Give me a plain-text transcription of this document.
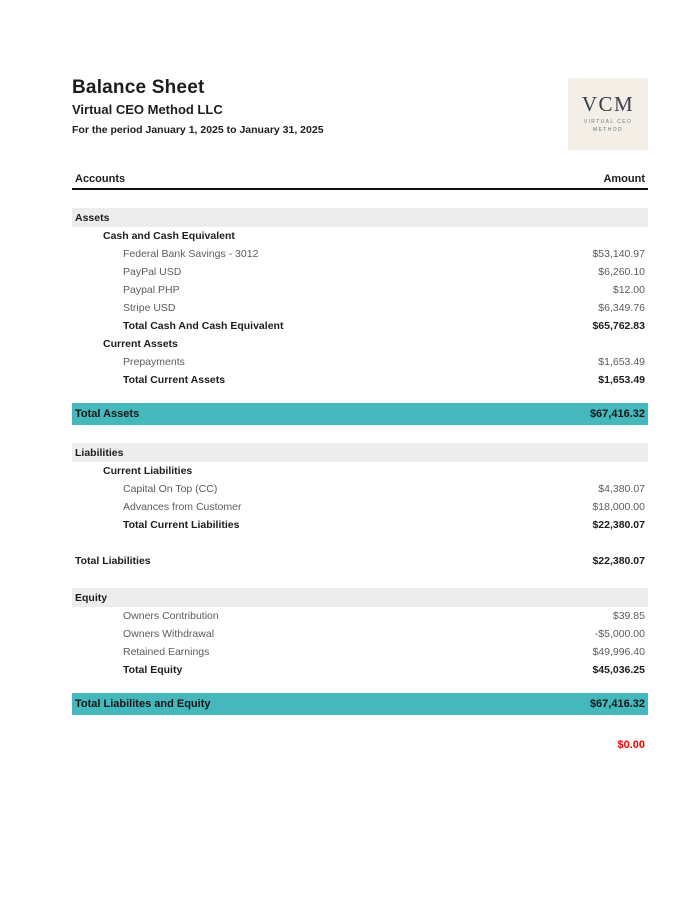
Balance Sheet
Virtual CEO Method LLC
For the period January 1, 2025 to January 31, 2025
VCM
VIRTUAL CEO
METHOD
Accounts	Amount
Assets
Cash and Cash Equivalent
Federal Bank Savings - 3012	$53,140.97
PayPal USD	$6,260.10
Paypal PHP	$12.00
Stripe USD	$6,349.76
Total Cash And Cash Equivalent	$65,762.83
Current Assets
Prepayments	$1,653.49
Total Current Assets	$1,653.49
Total Assets	$67,416.32
Liabilities
Current Liabilities
Capital On Top (CC)	$4,380.07
Advances from Customer	$18,000.00
Total Current Liabilities	$22,380.07
Total Liabilities	$22,380.07
Equity
Owners Contribution	$39.85
Owners Withdrawal	-$5,000.00
Retained Earnings	$49,996.40
Total Equity	$45,036.25
Total Liabilites and Equity	$67,416.32
$0.00
